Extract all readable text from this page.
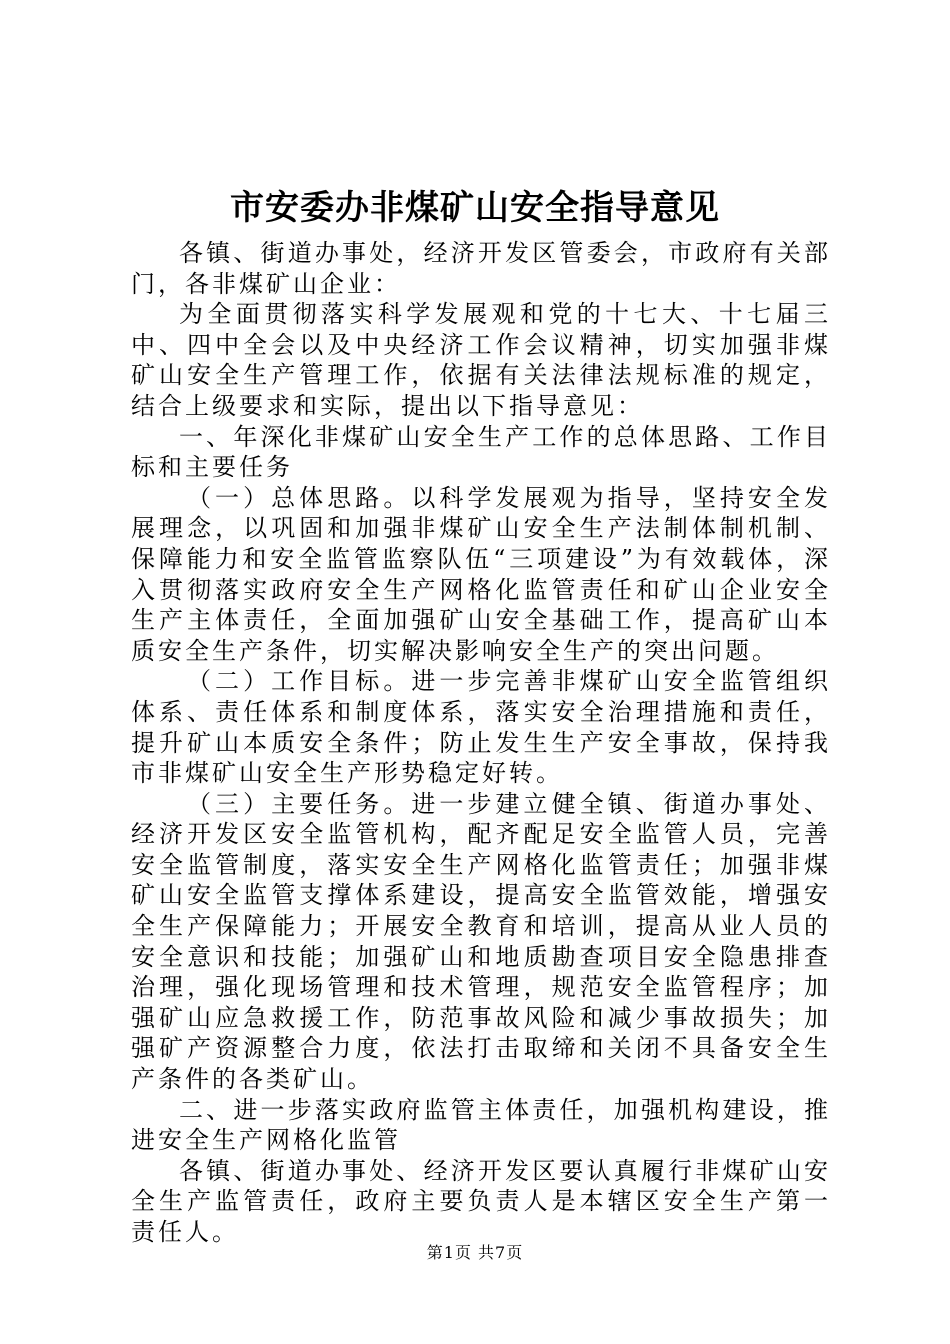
市安委办非煤矿山安全指导意见

各镇、街道办事处，经济开发区管委会，市政府有关部门，各非煤矿山企业：

为全面贯彻落实科学发展观和党的十七大、十七届三中、四中全会以及中央经济工作会议精神，切实加强非煤矿山安全生产管理工作，依据有关法律法规标准的规定，结合上级要求和实际，提出以下指导意见：

一、年深化非煤矿山安全生产工作的总体思路、工作目标和主要任务

（一）总体思路。以科学发展观为指导，坚持安全发展理念，以巩固和加强非煤矿山安全生产法制体制机制、保障能力和安全监管监察队伍“三项建设”为有效载体，深入贯彻落实政府安全生产网格化监管责任和矿山企业安全生产主体责任，全面加强矿山安全基础工作，提高矿山本质安全生产条件，切实解决影响安全生产的突出问题。

（二）工作目标。进一步完善非煤矿山安全监管组织体系、责任体系和制度体系，落实安全治理措施和责任，提升矿山本质安全条件；防止发生生产安全事故，保持我市非煤矿山安全生产形势稳定好转。

（三）主要任务。进一步建立健全镇、街道办事处、经济开发区安全监管机构，配齐配足安全监管人员，完善安全监管制度，落实安全生产网格化监管责任；加强非煤矿山安全监管支撑体系建设，提高安全监管效能，增强安全生产保障能力；开展安全教育和培训，提高从业人员的安全意识和技能；加强矿山和地质勘查项目安全隐患排查治理，强化现场管理和技术管理，规范安全监管程序；加强矿山应急救援工作，防范事故风险和减少事故损失；加强矿产资源整合力度，依法打击取缔和关闭不具备安全生产条件的各类矿山。

二、进一步落实政府监管主体责任，加强机构建设，推进安全生产网格化监管

各镇、街道办事处、经济开发区要认真履行非煤矿山安全生产监管责任，政府主要负责人是本辖区安全生产第一责任人。

第1页 共7页
